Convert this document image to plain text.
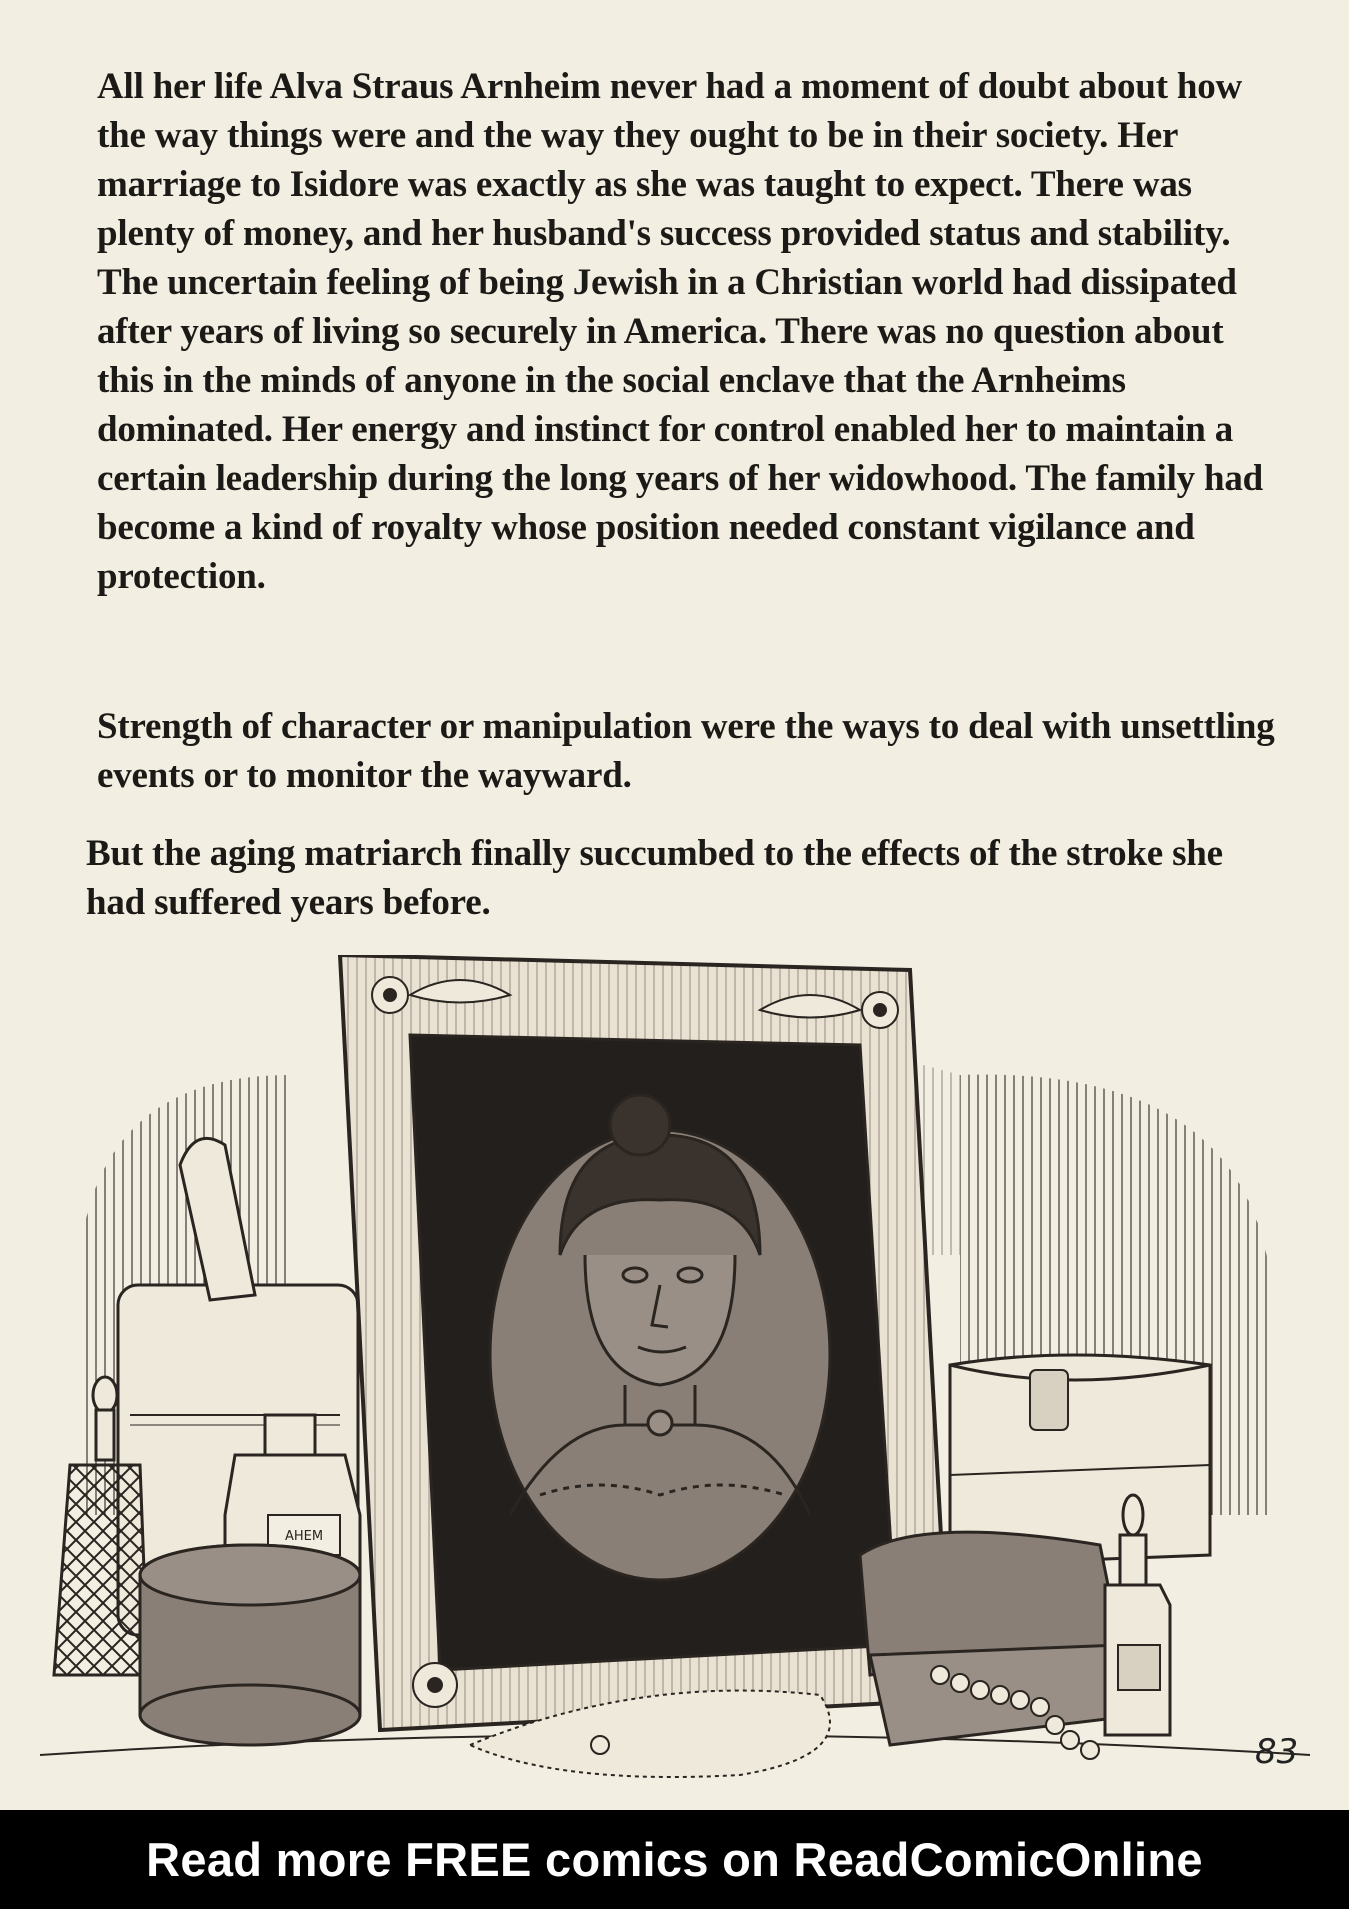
All her life Alva Straus Arnheim never had a moment of doubt about how the way things were and the way they ought to be in their society. Her marriage to Isidore was exactly as she was taught to expect. There was plenty of money, and her husband's success provided status and stability. The uncertain feeling of being Jewish in a Christian world had dissipated after years of living so securely in America. There was no question about this in the minds of anyone in the social enclave that the Arnheims dominated. Her energy and instinct for control enabled her to maintain a certain leadership during the long years of her widowhood. The family had become a kind of royalty whose position needed constant vigilance and protection.

Strength of character or manipulation were the ways to deal with unsettling events or to monitor the wayward.

But the aging matriarch finally succumbed to the effects of the stroke she had suffered years before.

AHEM
83
Read more FREE comics on ReadComicOnline
